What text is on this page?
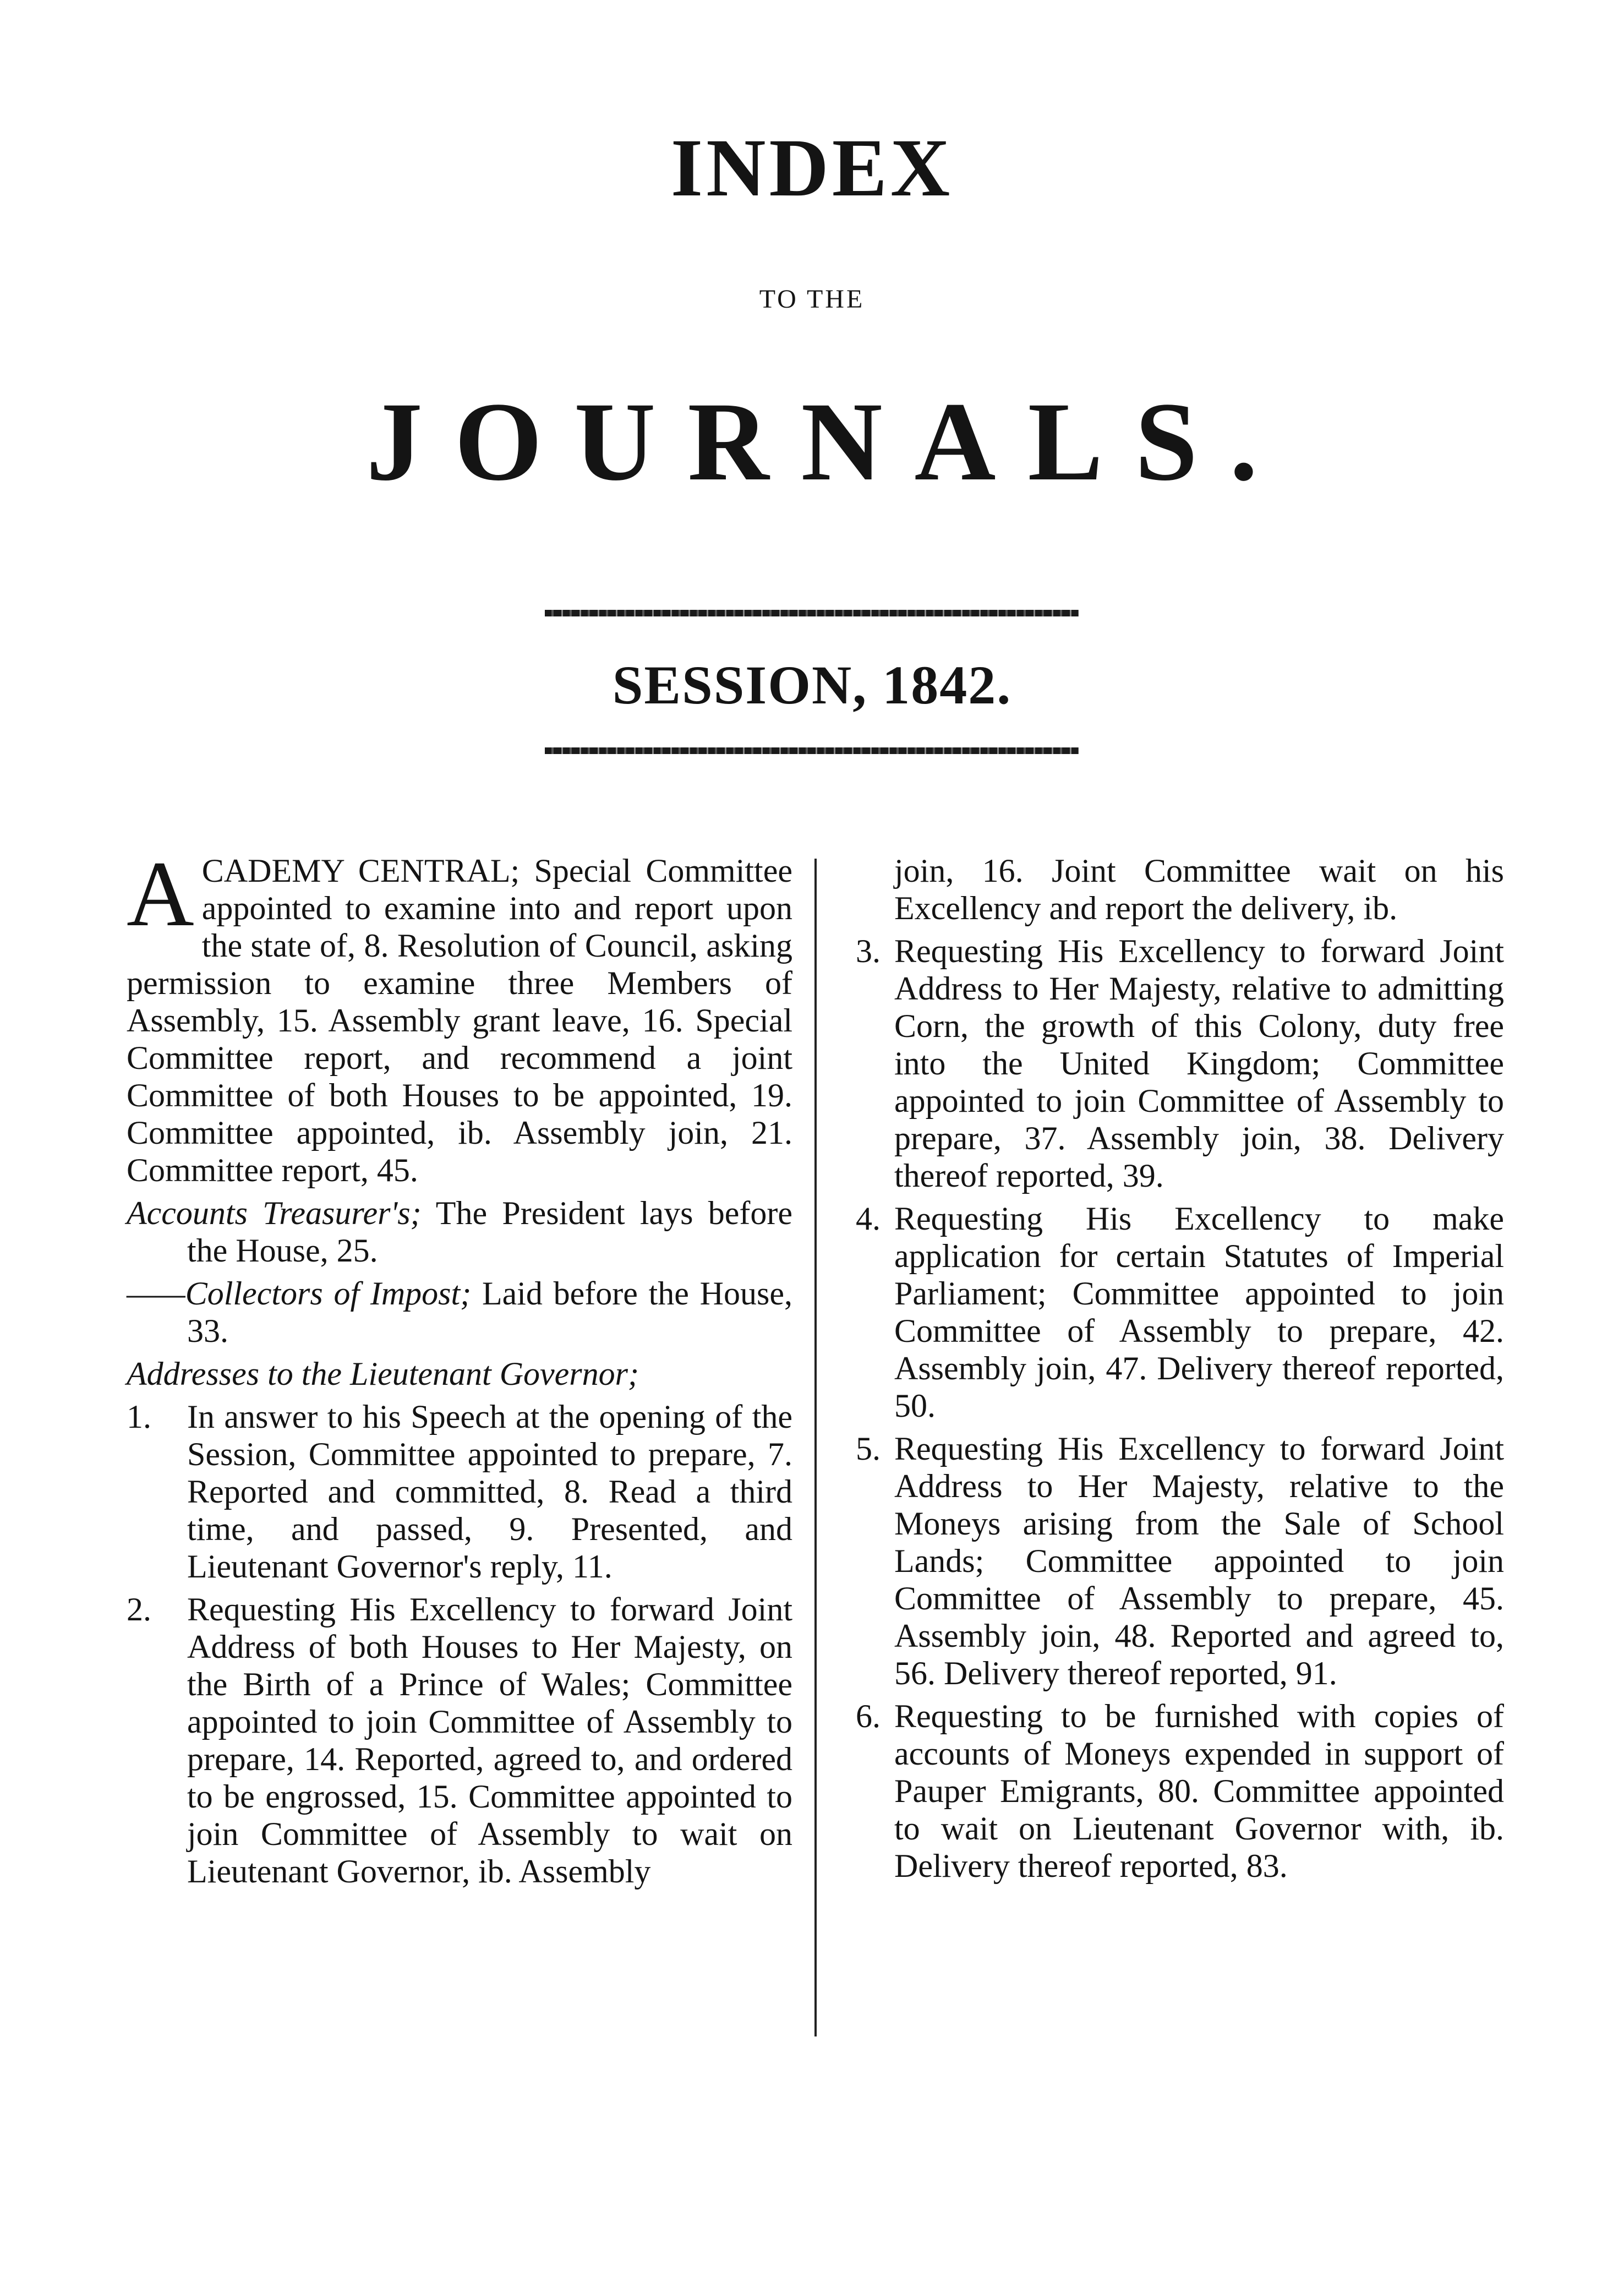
INDEX
TO THE
JOURNALS.
SESSION, 1842.

ACADEMY CENTRAL; Special Committee appointed to examine into and report upon the state of, 8. Resolution of Council, asking permission to examine three Members of Assembly, 15. Assembly grant leave, 16. Special Committee report, and recommend a joint Committee of both Houses to be appointed, 19. Committee appointed, ib. Assembly join, 21. Committee report, 45.

Accounts Treasurer's; The President lays before the House, 25.

——Collectors of Impost; Laid before the House, 33.

Addresses to the Lieutenant Governor;

1. In answer to his Speech at the opening of the Session, Committee appointed to prepare, 7. Reported and committed, 8. Read a third time, and passed, 9. Presented, and Lieutenant Governor's reply, 11.

2. Requesting His Excellency to forward Joint Address of both Houses to Her Majesty, on the Birth of a Prince of Wales; Committee appointed to join Committee of Assembly to prepare, 14. Reported, agreed to, and ordered to be engrossed, 15. Committee appointed to join Committee of Assembly to wait on Lieutenant Governor, ib. Assembly

join, 16. Joint Committee wait on his Excellency and report the delivery, ib.

3. Requesting His Excellency to forward Joint Address to Her Majesty, relative to admitting Corn, the growth of this Colony, duty free into the United Kingdom; Committee appointed to join Committee of Assembly to prepare, 37. Assembly join, 38. Delivery thereof reported, 39.

4. Requesting His Excellency to make application for certain Statutes of Imperial Parliament; Committee appointed to join Committee of Assembly to prepare, 42. Assembly join, 47. Delivery thereof reported, 50.

5. Requesting His Excellency to forward Joint Address to Her Majesty, relative to the Moneys arising from the Sale of School Lands; Committee appointed to join Committee of Assembly to prepare, 45. Assembly join, 48. Reported and agreed to, 56. Delivery thereof reported, 91.

6. Requesting to be furnished with copies of accounts of Moneys expended in support of Pauper Emigrants, 80. Committee appointed to wait on Lieutenant Governor with, ib. Delivery thereof reported, 83.
